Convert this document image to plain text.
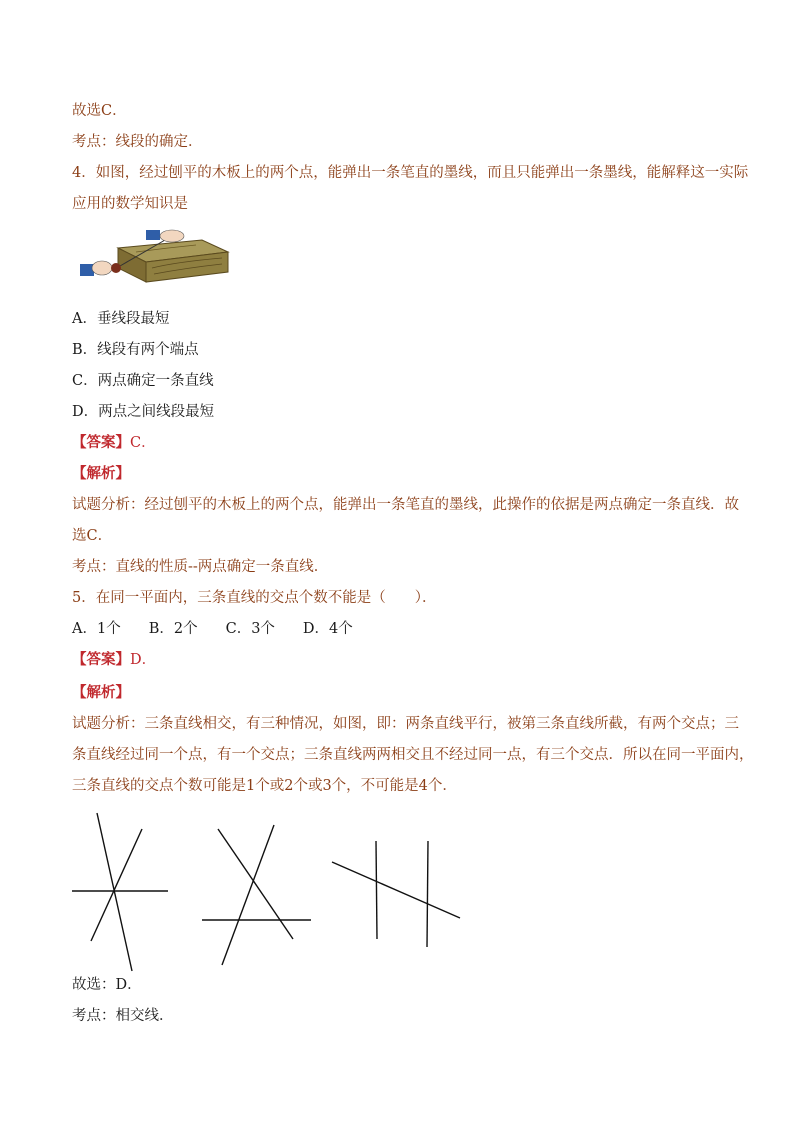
故选C．
考点：线段的确定．
4．如图，经过刨平的木板上的两个点，能弹出一条笔直的墨线，而且只能弹出一条墨线，能解释这一实际
应用的数学知识是
A．垂线段最短
B．线段有两个端点
C．两点确定一条直线
D．两点之间线段最短
【答案】C．
【解析】
试题分析：经过刨平的木板上的两个点，能弹出一条笔直的墨线，此操作的依据是两点确定一条直线．故
选C．
考点：直线的性质--两点确定一条直线．
5．在同一平面内，三条直线的交点个数不能是（　　）．
A．1个 B．2个 C．3个 D．4个
【答案】D．
【解析】
试题分析：三条直线相交，有三种情况，如图，即：两条直线平行，被第三条直线所截，有两个交点；三
条直线经过同一个点，有一个交点；三条直线两两相交且不经过同一点，有三个交点．所以在同一平面内，
三条直线的交点个数可能是1个或2个或3个，不可能是4个．
故选：D．
考点：相交线．
